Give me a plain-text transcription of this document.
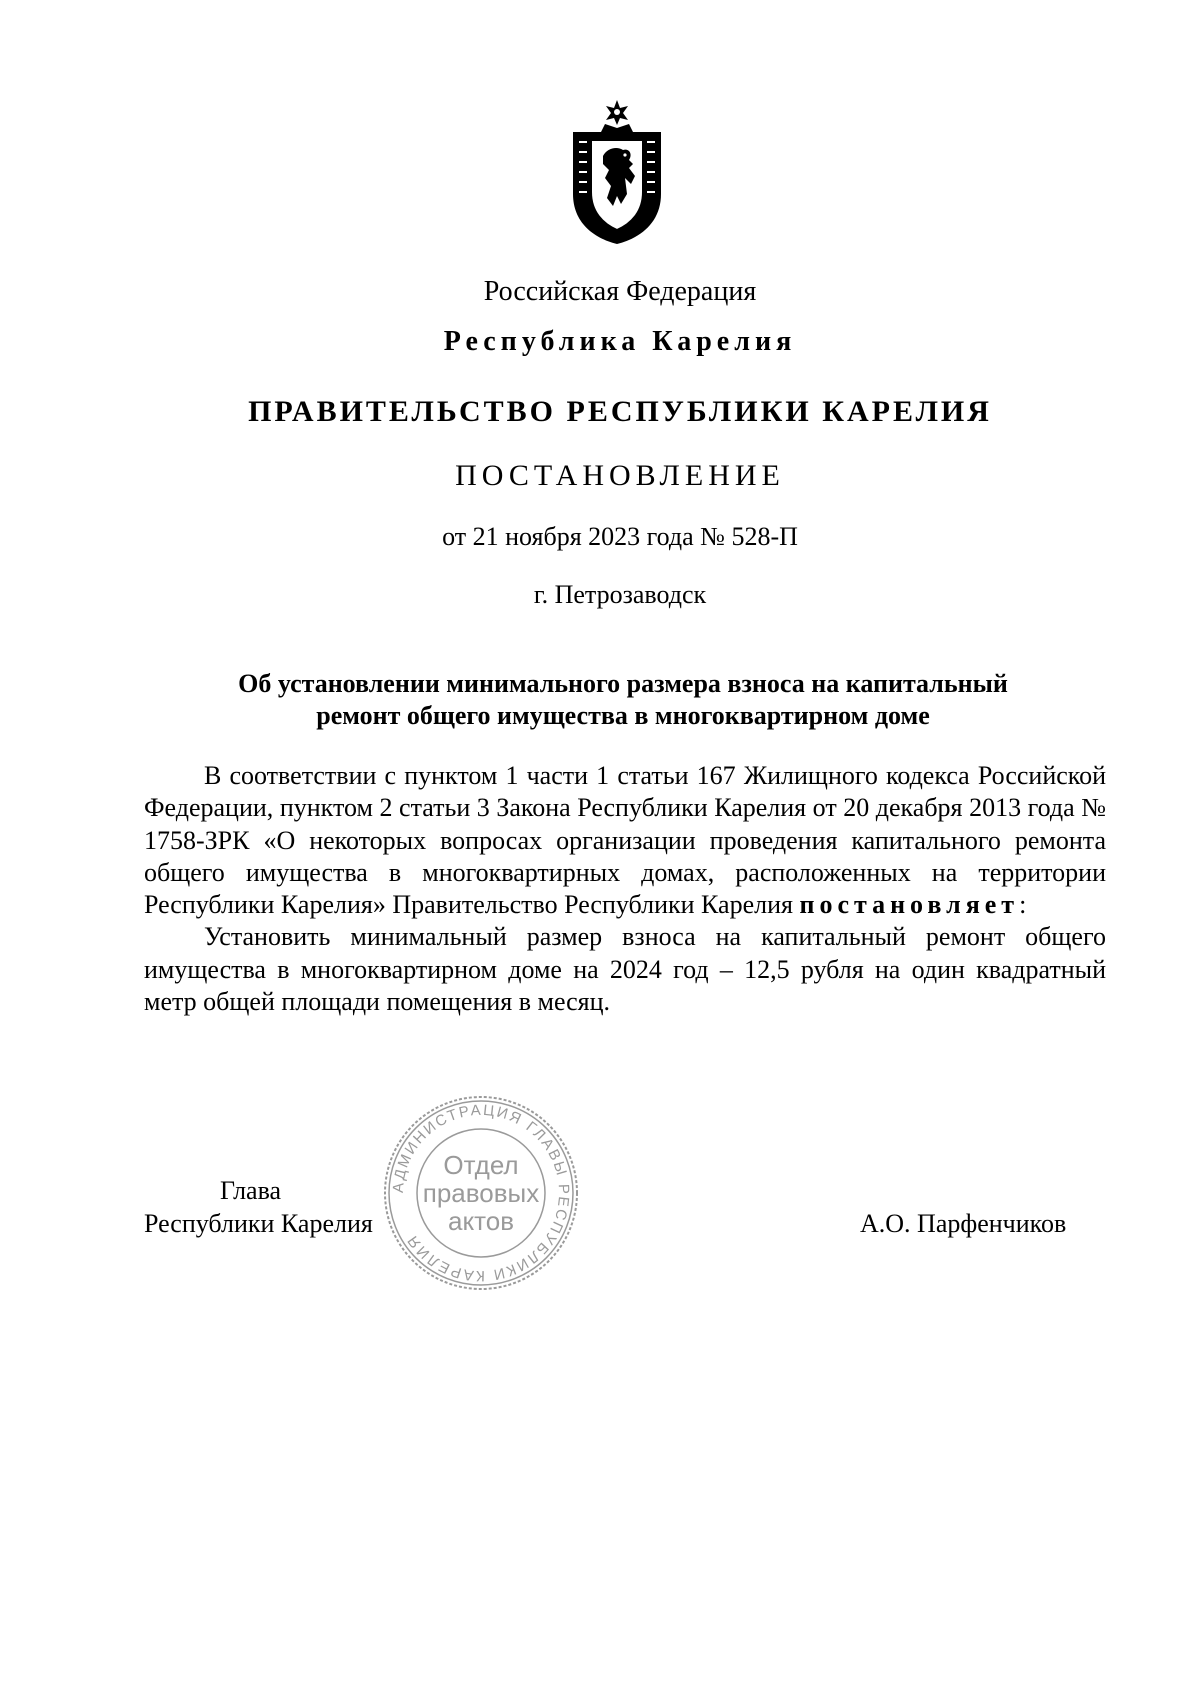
Российская Федерация
Республика Карелия
ПРАВИТЕЛЬСТВО РЕСПУБЛИКИ КАРЕЛИЯ
ПОСТАНОВЛЕНИЕ
от 21 ноября 2023 года № 528-П
г. Петрозаводск
Об установлении минимального размера взноса на капитальный
ремонт общего имущества в многоквартирном доме

В соответствии с пунктом 1 части 1 статьи 167 Жилищного кодекса Российской Федерации, пунктом 2 статьи 3 Закона Республики Карелия от 20 декабря 2013 года № 1758-ЗРК «О некоторых вопросах организации проведения капитального ремонта общего имущества в многоквартирных домах, расположенных на территории Республики Карелия» Правительство Республики Карелия постановляет:

Установить минимальный размер взноса на капитальный ремонт общего имущества в многоквартирном доме на 2024 год – 12,5 рубля на один квадратный метр общей площади помещения в месяц.

Глава
Республики Карелия	А.О. Парфенчиков
АДМИНИСТРАЦИЯ ГЛАВЫ РЕСПУБЛИКИ КАРЕЛИЯ
Отдел
правовых
актов
